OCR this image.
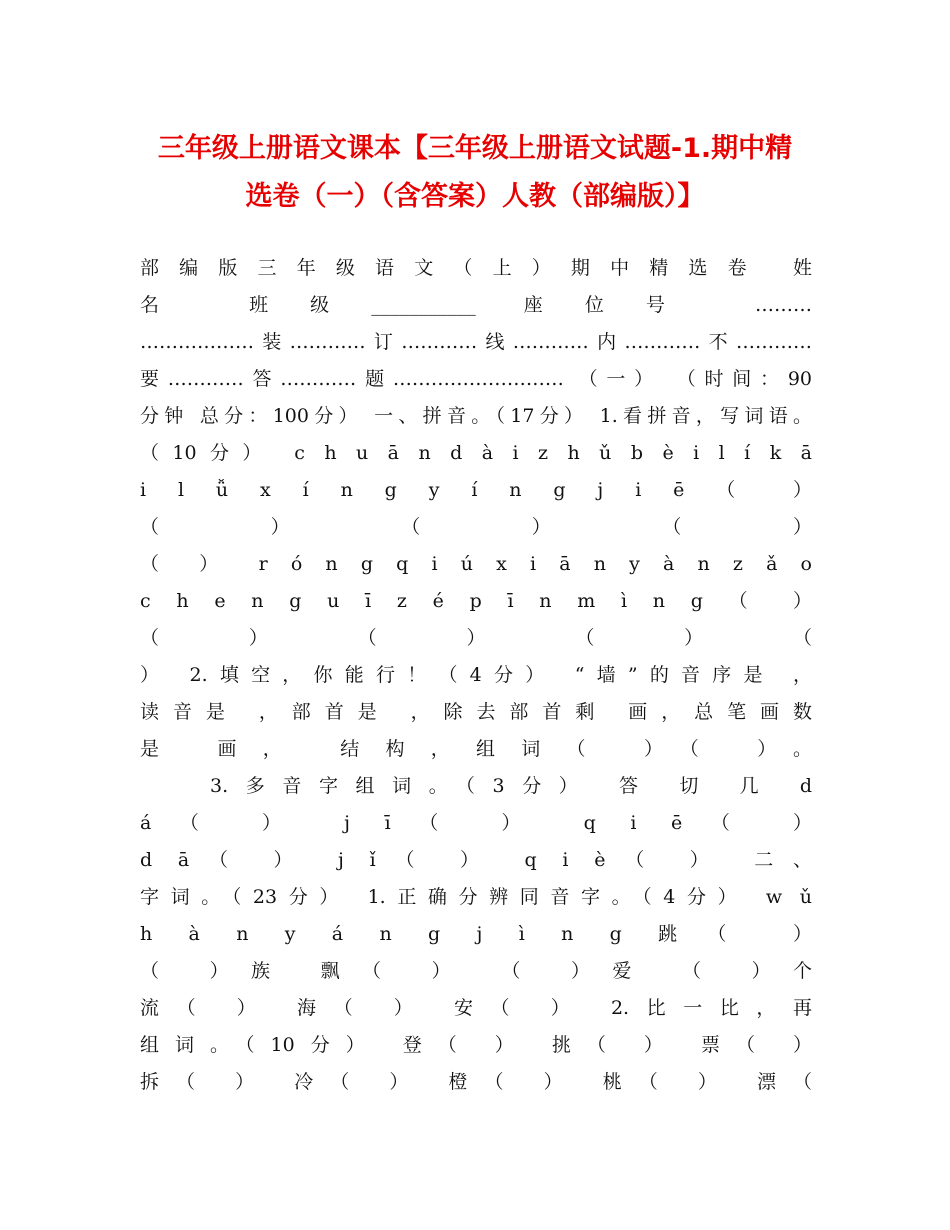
三年级上册语文课本【三年级上册语文试题-1.期中精
选卷（一）（含答案）人教（部编版）】
部编版三年级语文（上）期中精选卷 姓
名 班级___________ 座位号 ………
………………装…………订…………线…………内…………不…………
要…………答…………题……………………… （一） （时间：90
分钟 总分：100分） 一、拼音。（17分） 1.看拼音，写词语。
（10分） c h u ā n d à i z h ǔ b è i l í k ā
i l ǚ x í n g y í n g j i ē （ ）
（ ） （ ） （ ）
（ ） r ó n g q i ú x i ā n y à n z ǎ o
c h e n g u ī z é p ī n m ì n g （ ）
（ ） （ ） （ ） （
） 2.填空，你能行！（4分） “墙”的音序是 ，
读音是 ，部首是 ，除去部首剩 画，总笔画数
是 画， 结构，组词（ ）（ ）。
3.多音字组词。（3分） 答 切 几 d
á（ ） j ī（ ） q i ē（ ）
d ā（ ） j ǐ（ ） q i è（ ） 二、
字词。（23分） 1.正确分辨同音字。（4分） w ǔ
h à n y á n g j ì n g 跳（ ）
（ ）族 飘（ ） （ ）爱 （ ）个
流（ ） 海（ ） 安（ ） 2.比一比，再
组词。（10分） 登（ ） 挑（ ） 票（ ）
拆（ ） 冷（ ） 橙（ ） 桃（ ） 漂（
